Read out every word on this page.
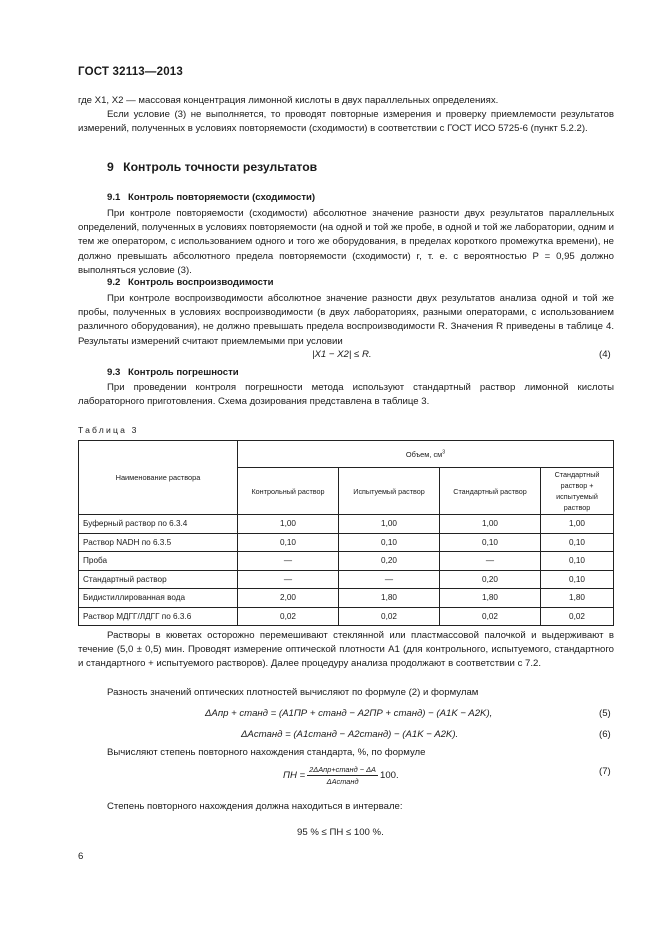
ГОСТ 32113—2013
где X1, X2 — массовая концентрация лимонной кислоты в двух параллельных определениях.
Если условие (3) не выполняется, то проводят повторные измерения и проверку приемлемости результатов измерений, полученных в условиях повторяемости (сходимости) в соответствии с ГОСТ ИСО 5725-6 (пункт 5.2.2).
9 Контроль точности результатов
9.1 Контроль повторяемости (сходимости)
При контроле повторяемости (сходимости) абсолютное значение разности двух результатов параллельных определений, полученных в условиях повторяемости (на одной и той же пробе, в одной и той же лаборатории, одним и тем же оператором, с использованием одного и того же оборудования, в пределах короткого промежутка времени), не должно превышать абсолютного предела повторяемости (сходимости) r, т. е. с вероятностью P = 0,95 должно выполняться условие (3).
9.2 Контроль воспроизводимости
При контроле воспроизводимости абсолютное значение разности двух результатов анализа одной и той же пробы, полученных в условиях воспроизводимости (в двух лабораториях, разными операторами, с использованием различного оборудования), не должно превышать предела воспроизводимости R. Значения R приведены в таблице 4. Результаты измерений считают приемлемыми при условии
|X1 − X2| ≤ R.	(4)
9.3 Контроль погрешности
При проведении контроля погрешности метода используют стандартный раствор лимонной кислоты лабораторного приготовления. Схема дозирования представлена в таблице 3.
Таблица 3
Наименование раствора	Объем, $см^3$
	Контрольный раствор	Испытуемый раствор	Стандартный раствор	Стандартный раствор + испытуемый раствор
Буферный раствор по 6.3.4	1,00	1,00	1,00	1,00
Раствор NADH по 6.3.5	0,10	0,10	0,10	0,10
Проба	—	0,20	—	0,10
Стандартный раствор	—	—	0,20	0,10
Бидистиллированная вода	2,00	1,80	1,80	1,80
Раствор МДГГ/ЛДГГ по 6.3.6	0,02	0,02	0,02	0,02
Растворы в кюветах осторожно перемешивают стеклянной или пластмассовой палочкой и выдерживают в течение (5,0 ± 0,5) мин. Проводят измерение оптической плотности A1 (для контрольного, испытуемого, стандартного и стандартного + испытуемого растворов). Далее процедуру анализа продолжают в соответствии с 7.2.
Разность значений оптических плотностей вычисляют по формуле (2) и формулам
ΔAпр + станд = (A1ПР + станд − A2ПР + станд) − (A1K − A2K),	(5)
ΔAстанд = (A1станд − A2станд) − (A1K − A2K).	(6)
Вычисляют степень повторного нахождения стандарта, %, по формуле
ПН = $\frac{\text{2ΔAпр+станд − ΔA}}{\text{ΔAстанд}} 100$.	(7)
Степень повторного нахождения должна находиться в интервале:
95 % ≤ ПН ≤ 100 %.
6
